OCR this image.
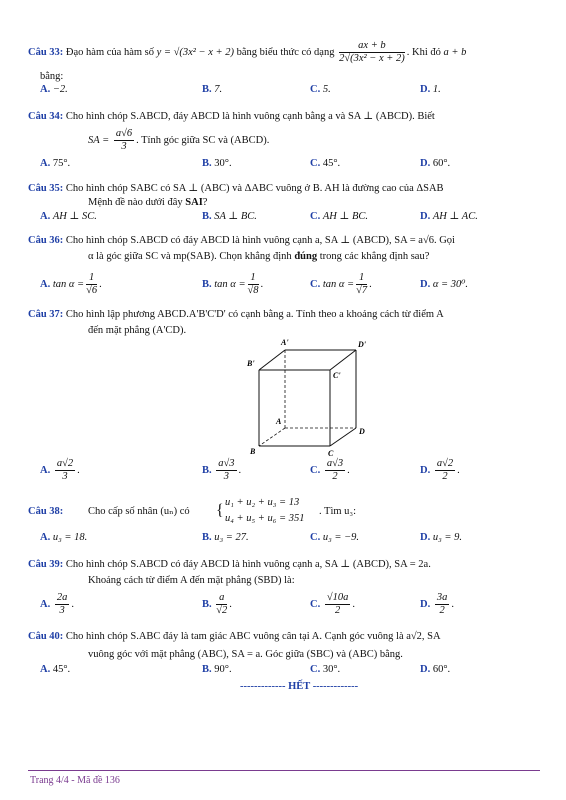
Câu 33: Đạo hàm của hàm số y = √(3x² − x + 2) bằng biểu thức có dạng $\frac{ax + b}{\text{2√(3x² − x + 2)}}$ . Khi đó a + b
bằng:
A. −2.	B. 7.	C. 5.	D. 1.
Câu 34: Cho hình chóp S.ABCD, đáy ABCD là hình vuông cạnh bằng a và SA ⊥ (ABCD). Biết
SA = $\frac{a√6}{3}$ . Tính góc giữa SC và (ABCD).
A. 75°.	B. 30°.	C. 45°.	D. 60°.
Câu 35: Cho hình chóp SABC có SA ⊥ (ABC) và ΔABC vuông ở B. AH là đường cao của ΔSAB
Mệnh đề nào dưới đây SAI?
A. AH ⊥ SC.	B. SA ⊥ BC.	C. AH ⊥ BC.	D. AH ⊥ AC.
Câu 36: Cho hình chóp S.ABCD có đáy ABCD là hình vuông cạnh a, SA ⊥ (ABCD), SA = a√6. Gọi
α là góc giữa SC và mp(SAB). Chọn khẳng định đúng trong các khẳng định sau?
A. $\tan \alpha = \frac{1}{√6}$ .	B. $\tan \alpha = \frac{1}{√8}$ .	C. $\tan \alpha = \frac{1}{√7}$ .	D. α = 30⁰.
Câu 37: Cho hình lập phương ABCD.A'B'C'D' có cạnh bằng a. Tính theo a khoảng cách từ điểm A
đến mặt phẳng (A'CD).
A'	D'
B'
C'
A
D
B	C
A. $\frac{a√2}{3}$ .	B. $\frac{a√3}{3}$ .	C. $\frac{a√3}{2}$ .	D. $\frac{a√2}{2}$ .
Câu 38: Cho cấp số nhân (uₙ) có { u₁ + u₂ + u₃ = 13
u₄ + u₅ + u₆ = 351
. Tìm u₃:
A. u₃ = 18.	B. u₃ = 27.	C. u₃ = −9.	D. u₃ = 9.
Câu 39: Cho hình chóp S.ABCD có đáy ABCD là hình vuông cạnh a, SA ⊥ (ABCD), SA = 2a.
Khoảng cách từ điểm A đến mặt phẳng (SBD) là:
A. $\frac{2a}{3}$ .	B. $\frac{a}{√2}$ .	C. $\frac{√10a}{2}$ .	D. $\frac{3a}{2}$ .
Câu 40: Cho hình chóp S.ABC đáy là tam giác ABC vuông cân tại A. Cạnh góc vuông là a√2, SA
vuông góc với mặt phẳng (ABC), SA = a. Góc giữa (SBC) và (ABC) bằng.
A. 45°.	B. 90°.	C. 30°.	D. 60°.
------------- HẾT -------------
Trang 4/4 - Mã đề 136
